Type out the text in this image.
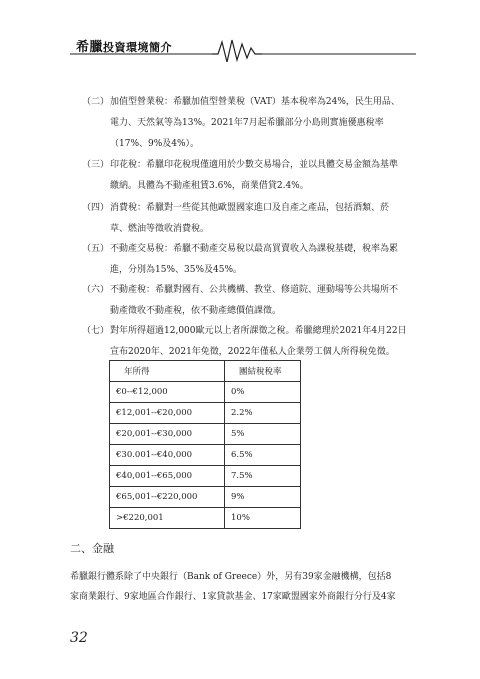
希臘投資環境簡介
（二） 加值型營業稅：希臘加值型營業稅（VAT）基本稅率為24%，民生用品、
電力、天然氣等為13%。2021年7月起希臘部分小島則實施優惠稅率
（17%、9%及4%）。
（三） 印花稅：希臘印花稅現僅適用於少數交易場合，並以具體交易金額為基準
繳納。具體為不動產租賃3.6%，商業借貸2.4%。
（四） 消費稅：希臘對一些從其他歐盟國家進口及自產之產品，包括酒類、菸
草、燃油等徵收消費稅。
（五） 不動產交易稅：希臘不動產交易稅以最高買賣收入為課稅基礎，稅率為累
進，分別為15%、35%及45%。
（六） 不動產稅：希臘對國有、公共機構、教堂、修道院、運動場等公共場所不
動產徵收不動產稅，依不動產總價值課徵。
（七） 對年所得超過12,000歐元以上者所課徵之稅。希臘總理於2021年4月22日
宣布2020年、2021年免徵，2022年僅私人企業勞工個人所得稅免徵。
年所得	團結稅稅率
€0--€12,000	0%
€12,001--€20,000	2.2%
€20,001--€30,000	5%
€30.001--€40,000	6.5%
€40,001--€65,000	7.5%
€65,001--€220,000	9%
>€220,001	10%
二、金融
希臘銀行體系除了中央銀行（Bank of Greece）外，另有39家金融機構，包括8
家商業銀行、9家地區合作銀行、1家貸款基金、17家歐盟國家外商銀行分行及4家
32
